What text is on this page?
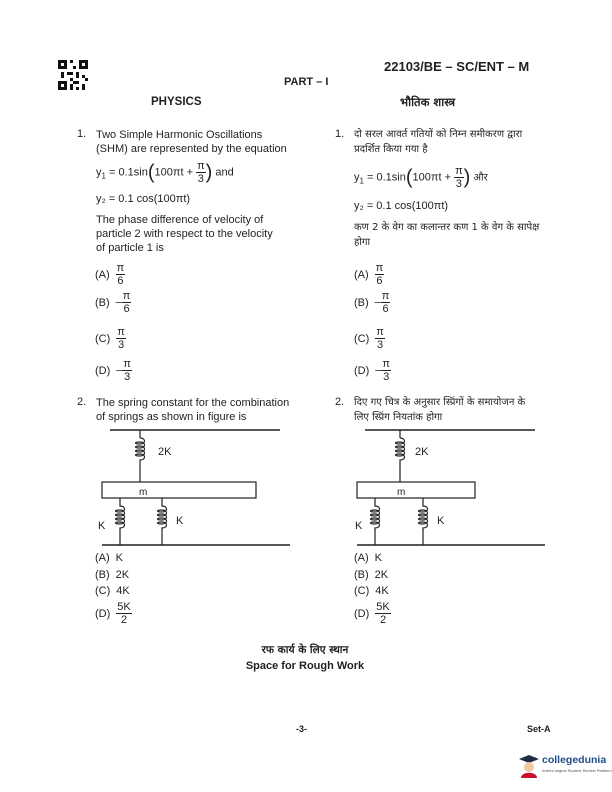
22103/BE – SC/ENT – M
PART – I
PHYSICS
1. Two Simple Harmonic Oscillations
(SHM) are represented by the equation
$y_1 = 0.1\sin(100\pi t + \frac{\pi}{3}$ ) and
y₂ = 0.1 cos(100πt)
The phase difference of velocity of
particle 2 with respect to the velocity
of particle 1 is
$(A) \frac{\pi}{6}$
$(B) - \frac{\pi}{6}$
$(C) \frac{\pi}{3}$
$(D) - \frac{\pi}{3}$
2. The spring constant for the combination
of springs as shown in figure is
2K
m
K	K
(A) K
(B) 2K
(C) 4K
$(D) \frac{5K}{2}$
भौतिक शास्त्र
1. दो सरल आवर्त गतियों को निम्न समीकरण द्वारा
प्रदर्शित किया गया है
$y_1 = 0.1\sin(100\pi t + \frac{\pi}{3}$ ) और
y₂ = 0.1 cos(100πt)
कण 2 के वेग का कलान्तर कण 1 के वेग के सापेक्ष
होगा
$(A) \frac{\pi}{6}$
$(B) - \frac{\pi}{6}$
$(C) \frac{\pi}{3}$
$(D) - \frac{\pi}{3}$
2. दिए गए चित्र के अनुसार स्प्रिंगों के समायोजन के
लिए स्प्रिंग नियतांक होगा
2K
m
K	K
(A) K
(B) 2K
(C) 4K
$(D) \frac{5K}{2}$
रफ कार्य के लिए स्थान
Space for Rough Work
-3-	Set-A
collegedunia
India's largest Student Review Platform
